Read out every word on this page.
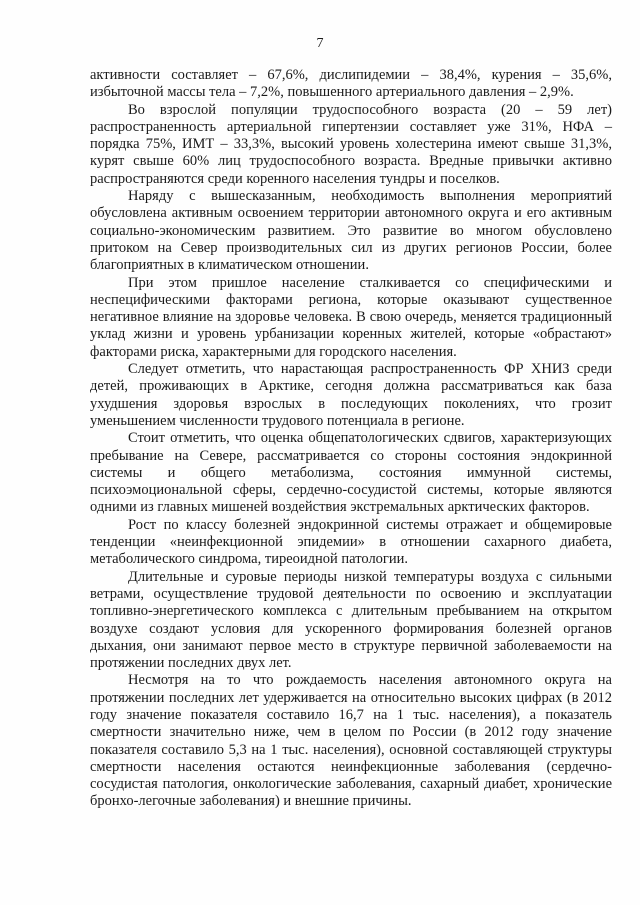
7

активности составляет – 67,6%, дислипидемии – 38,4%, курения – 35,6%, избыточной массы тела – 7,2%, повышенного артериального давления – 2,9%.

Во взрослой популяции трудоспособного возраста (20 – 59 лет) распространенность артериальной гипертензии составляет уже 31%, НФА – порядка 75%, ИМТ – 33,3%, высокий уровень холестерина имеют свыше 31,3%, курят свыше 60% лиц трудоспособного возраста. Вредные привычки активно распространяются среди коренного населения тундры и поселков.

Наряду с вышесказанным, необходимость выполнения мероприятий обусловлена активным освоением территории автономного округа и его активным социально-экономическим развитием. Это развитие во многом обусловлено притоком на Север производительных сил из других регионов России, более благоприятных в климатическом отношении.

При этом пришлое население сталкивается со специфическими и неспецифическими факторами региона, которые оказывают существенное негативное влияние на здоровье человека. В свою очередь, меняется традиционный уклад жизни и уровень урбанизации коренных жителей, которые «обрастают» факторами риска, характерными для городского населения.

Следует отметить, что нарастающая распространенность ФР ХНИЗ среди детей, проживающих в Арктике, сегодня должна рассматриваться как база ухудшения здоровья взрослых в последующих поколениях, что грозит уменьшением численности трудового потенциала в регионе.

Стоит отметить, что оценка общепатологических сдвигов, характеризующих пребывание на Севере, рассматривается со стороны состояния эндокринной системы и общего метаболизма, состояния иммунной системы, психоэмоциональной сферы, сердечно-сосудистой системы, которые являются одними из главных мишеней воздействия экстремальных арктических факторов.

Рост по классу болезней эндокринной системы отражает и общемировые тенденции «неинфекционной эпидемии» в отношении сахарного диабета, метаболического синдрома, тиреоидной патологии.

Длительные и суровые периоды низкой температуры воздуха с сильными ветрами, осуществление трудовой деятельности по освоению и эксплуатации топливно-энергетического комплекса с длительным пребыванием на открытом воздухе создают условия для ускоренного формирования болезней органов дыхания, они занимают первое место в структуре первичной заболеваемости на протяжении последних двух лет.

Несмотря на то что рождаемость населения автономного округа на протяжении последних лет удерживается на относительно высоких цифрах (в 2012 году значение показателя составило 16,7 на 1 тыс. населения), а показатель смертности значительно ниже, чем в целом по России (в 2012 году значение показателя составило 5,3 на 1 тыс. населения), основной составляющей структуры смертности населения остаются неинфекционные заболевания (сердечно-сосудистая патология, онкологические заболевания, сахарный диабет, хронические бронхо-легочные заболевания) и внешние причины.
